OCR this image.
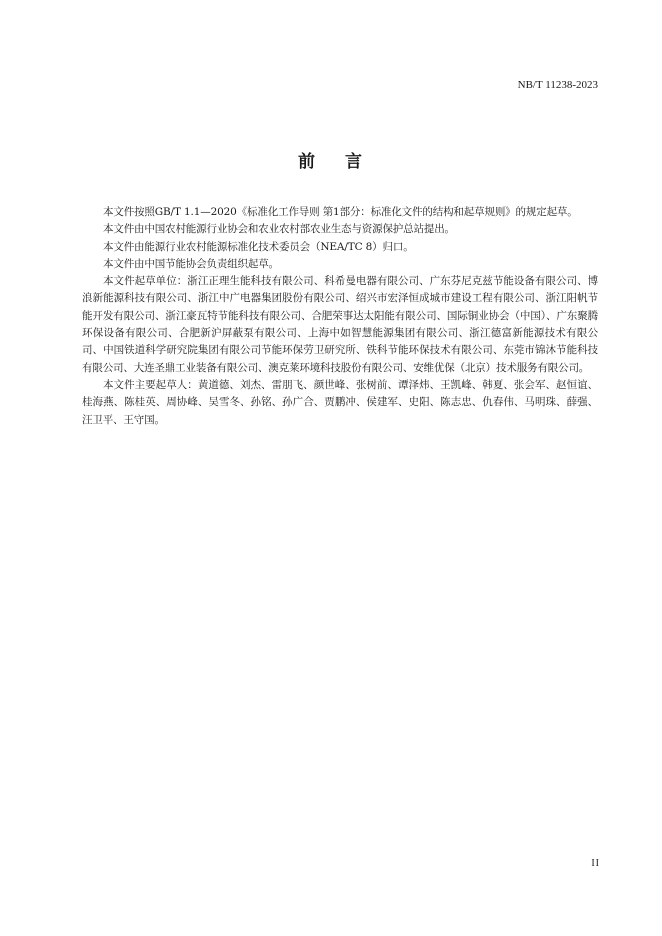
NB/T 11238-2023
前 言

本文件按照GB/T 1.1—2020《标准化工作导则 第1部分：标准化文件的结构和起草规则》的规定起草。

本文件由中国农村能源行业协会和农业农村部农业生态与资源保护总站提出。

本文件由能源行业农村能源标准化技术委员会（NEA/TC 8）归口。

本文件由中国节能协会负责组织起草。

本文件起草单位：浙江正理生能科技有限公司、科希曼电器有限公司、广东芬尼克兹节能设备有限公司、博浪新能源科技有限公司、浙江中广电器集团股份有限公司、绍兴市宏泽恒成城市建设工程有限公司、浙江阳帆节能开发有限公司、浙江豪瓦特节能科技有限公司、合肥荣事达太阳能有限公司、国际铜业协会（中国）、广东聚腾环保设备有限公司、合肥新沪屏蔽泵有限公司、上海中如智慧能源集团有限公司、浙江德富新能源技术有限公司、中国铁道科学研究院集团有限公司节能环保劳卫研究所、铁科节能环保技术有限公司、东莞市锦沐节能科技有限公司、大连圣鼎工业装备有限公司、澳克莱环境科技股份有限公司、安维优保（北京）技术服务有限公司。

本文件主要起草人：黄道德、刘杰、雷朋飞、颜世峰、张树前、谭泽炜、王凯峰、韩夏、张会军、赵恒谊、桂海燕、陈桂英、周协峰、吴雪冬、孙铭、孙广合、贾鹏冲、侯建军、史阳、陈志忠、仇春伟、马明珠、薛强、汪卫平、王守国。

II
